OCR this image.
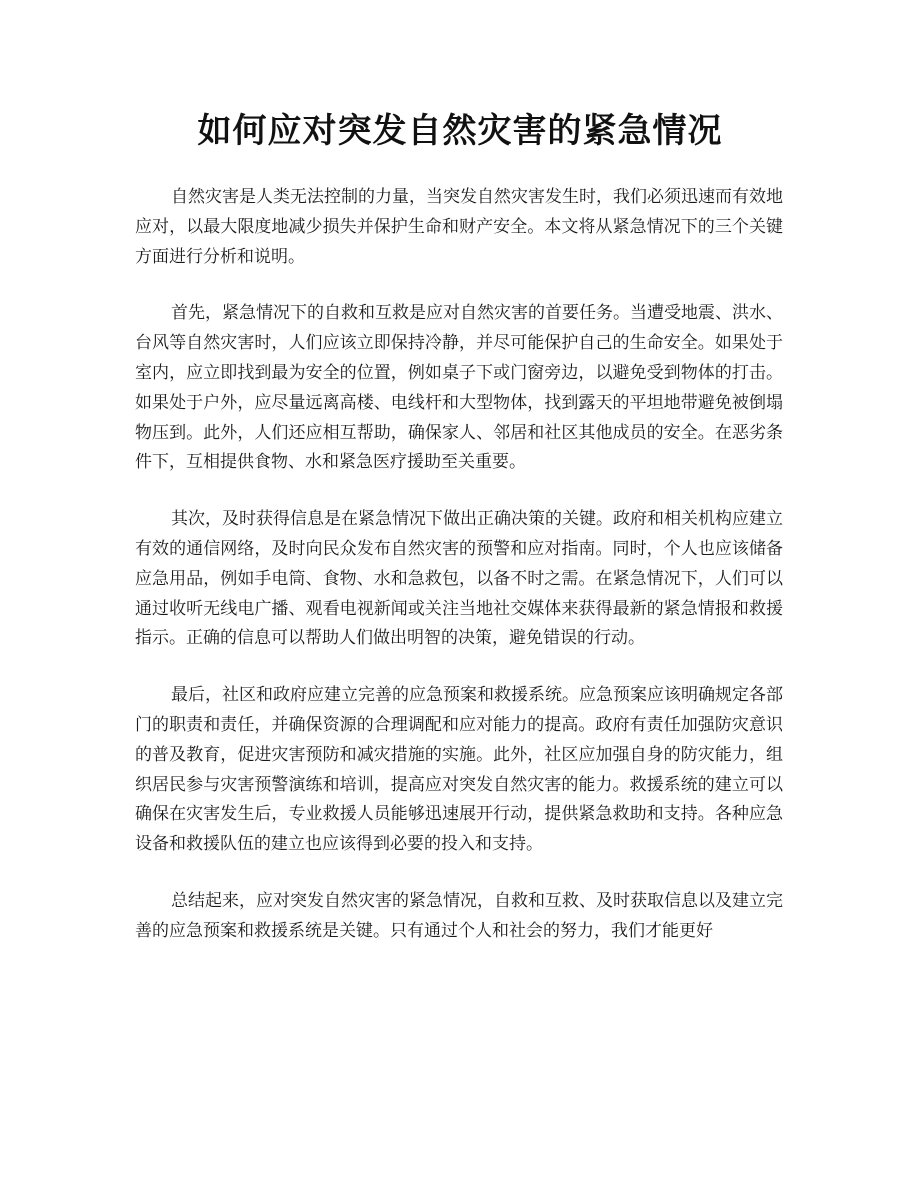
如何应对突发自然灾害的紧急情况

自然灾害是人类无法控制的力量，当突发自然灾害发生时，我们必须迅速而有效地应对，以最大限度地减少损失并保护生命和财产安全。本文将从紧急情况下的三个关键方面进行分析和说明。

首先，紧急情况下的自救和互救是应对自然灾害的首要任务。当遭受地震、洪水、台风等自然灾害时，人们应该立即保持冷静，并尽可能保护自己的生命安全。如果处于室内，应立即找到最为安全的位置，例如桌子下或门窗旁边，以避免受到物体的打击。如果处于户外，应尽量远离高楼、电线杆和大型物体，找到露天的平坦地带避免被倒塌物压到。此外，人们还应相互帮助，确保家人、邻居和社区其他成员的安全。在恶劣条件下，互相提供食物、水和紧急医疗援助至关重要。

其次，及时获得信息是在紧急情况下做出正确决策的关键。政府和相关机构应建立有效的通信网络，及时向民众发布自然灾害的预警和应对指南。同时，个人也应该储备应急用品，例如手电筒、食物、水和急救包，以备不时之需。在紧急情况下，人们可以通过收听无线电广播、观看电视新闻或关注当地社交媒体来获得最新的紧急情报和救援指示。正确的信息可以帮助人们做出明智的决策，避免错误的行动。

最后，社区和政府应建立完善的应急预案和救援系统。应急预案应该明确规定各部门的职责和责任，并确保资源的合理调配和应对能力的提高。政府有责任加强防灾意识的普及教育，促进灾害预防和减灾措施的实施。此外，社区应加强自身的防灾能力，组织居民参与灾害预警演练和培训，提高应对突发自然灾害的能力。救援系统的建立可以确保在灾害发生后，专业救援人员能够迅速展开行动，提供紧急救助和支持。各种应急设备和救援队伍的建立也应该得到必要的投入和支持。

总结起来，应对突发自然灾害的紧急情况，自救和互救、及时获取信息以及建立完善的应急预案和救援系统是关键。只有通过个人和社会的努力，我们才能更好
